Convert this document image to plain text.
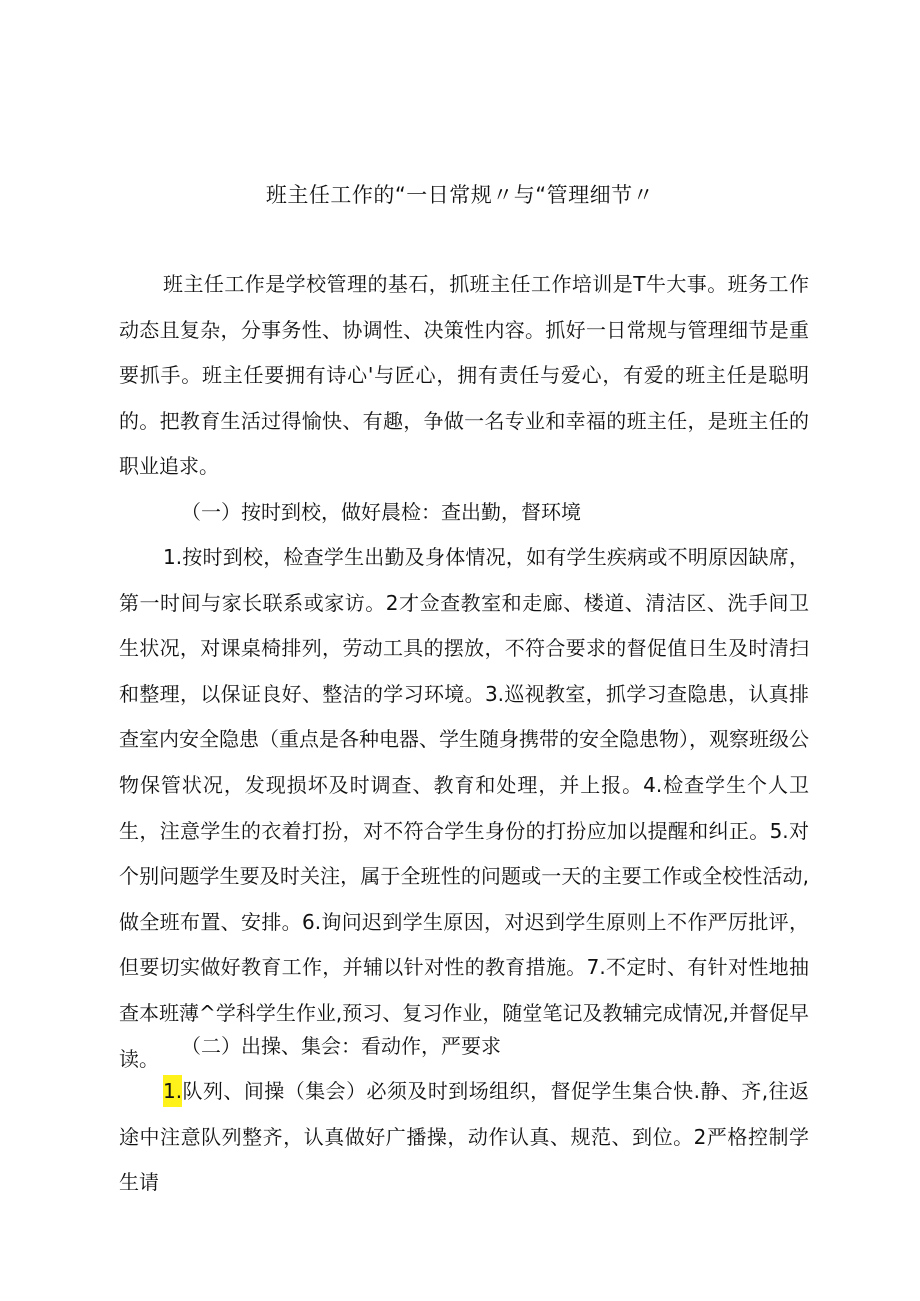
班主任工作的“一日常规〃与“管理细节〃

班主任工作是学校管理的基石，抓班主任工作培训是T牛大事。班务工作动态且复杂，分事务性、协调性、决策性内容。抓好一日常规与管理细节是重要抓手。班主任要拥有诗心'与匠心，拥有责任与爱心，有爱的班主任是聪明的。把教育生活过得愉快、有趣，争做一名专业和幸福的班主任，是班主任的职业追求。

（一）按时到校，做好晨检：查出勤，督环境

1.按时到校，检查学生出勤及身体情况，如有学生疾病或不明原因缺席，第一时间与家长联系或家访。2才佥查教室和走廊、楼道、清洁区、洗手间卫生状况，对课桌椅排列，劳动工具的摆放，不符合要求的督促值日生及时清扫和整理，以保证良好、整洁的学习环境。3.巡视教室，抓学习查隐患，认真排查室内安全隐患（重点是各种电器、学生随身携带的安全隐患物），观察班级公物保管状况，发现损坏及时调查、教育和处理，并上报。4.检查学生个人卫生，注意学生的衣着打扮，对不符合学生身份的打扮应加以提醒和纠正。5.对个别问题学生要及时关注，属于全班性的问题或一天的主要工作或全校性活动,做全班布置、安排。6.询问迟到学生原因，对迟到学生原则上不作严厉批评，但要切实做好教育工作，并辅以针对性的教育措施。7.不定时、有针对性地抽查本班薄^学科学生作业,预习、复习作业，随堂笔记及教辅完成情况,并督促早读。

（二）出操、集会：看动作，严要求

1.队列、间操（集会）必须及时到场组织，督促学生集合快.静、齐,往返途中注意队列整齐，认真做好广播操，动作认真、规范、到位。2严格控制学生请
